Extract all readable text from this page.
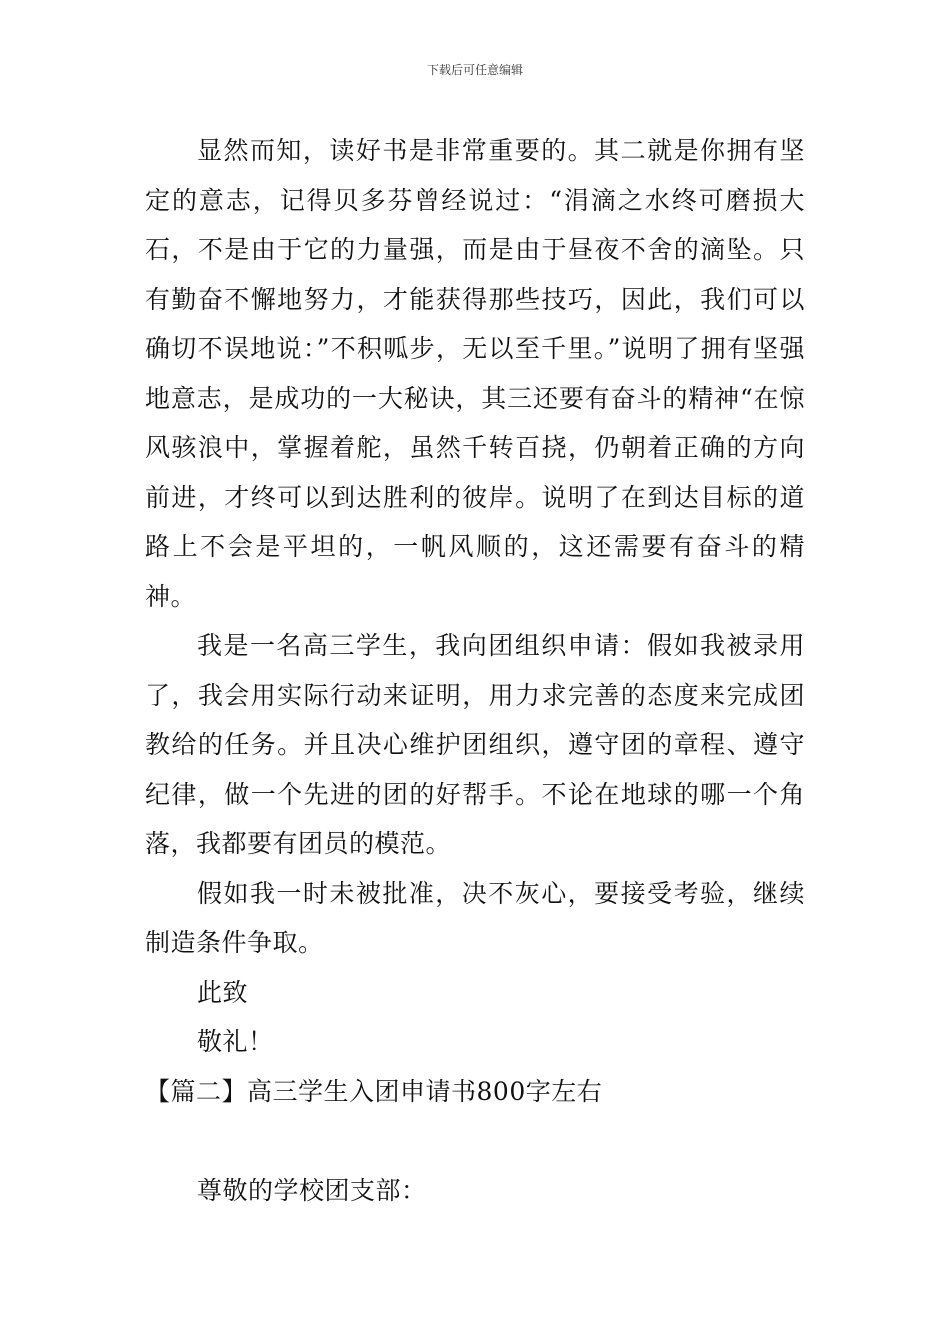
下载后可任意编辑

显然而知，读好书是非常重要的。其二就是你拥有坚定的意志，记得贝多芬曾经说过：“涓滴之水终可磨损大石，不是由于它的力量强，而是由于昼夜不舍的滴坠。只有勤奋不懈地努力，才能获得那些技巧，因此，我们可以确切不误地说：”不积呱步，无以至千里。”说明了拥有坚强地意志，是成功的一大秘诀，其三还要有奋斗的精神“在惊风骇浪中，掌握着舵，虽然千转百挠，仍朝着正确的方向前进，才终可以到达胜利的彼岸。说明了在到达目标的道路上不会是平坦的，一帆风顺的，这还需要有奋斗的精神。

我是一名高三学生，我向团组织申请：假如我被录用了，我会用实际行动来证明，用力求完善的态度来完成团教给的任务。并且决心维护团组织，遵守团的章程、遵守纪律，做一个先进的团的好帮手。不论在地球的哪一个角落，我都要有团员的模范。

假如我一时未被批准，决不灰心，要接受考验，继续制造条件争取。

此致

敬礼！

【篇二】高三学生入团申请书800字左右

尊敬的学校团支部：
